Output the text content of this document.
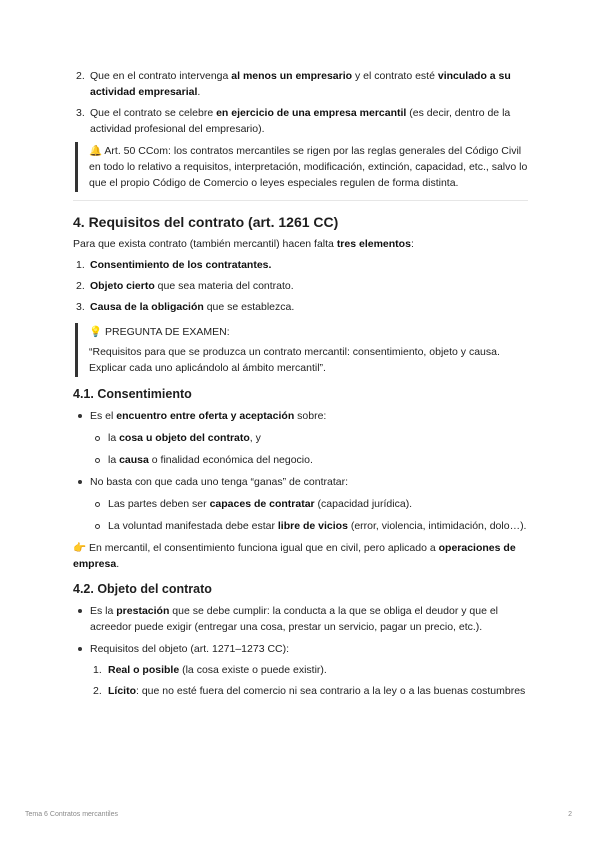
2. Que en el contrato intervenga al menos un empresario y el contrato esté vinculado a su actividad empresarial.
3. Que el contrato se celebre en ejercicio de una empresa mercantil (es decir, dentro de la actividad profesional del empresario).
🔔 Art. 50 CCom: los contratos mercantiles se rigen por las reglas generales del Código Civil en todo lo relativo a requisitos, interpretación, modificación, extinción, capacidad, etc., salvo lo que el propio Código de Comercio o leyes especiales regulen de forma distinta.
4. Requisitos del contrato (art. 1261 CC)

Para que exista contrato (también mercantil) hacen falta tres elementos:

1. Consentimiento de los contratantes.
2. Objeto cierto que sea materia del contrato.
3. Causa de la obligación que se establezca.
💡 PREGUNTA DE EXAMEN:
“Requisitos para que se produzca un contrato mercantil: consentimiento, objeto y causa. Explicar cada uno aplicándolo al ámbito mercantil”.
4.1. Consentimiento
Es el encuentro entre oferta y aceptación sobre:
la cosa u objeto del contrato, y
la causa o finalidad económica del negocio.
No basta con que cada uno tenga “ganas” de contratar:
Las partes deben ser capaces de contratar (capacidad jurídica).
La voluntad manifestada debe estar libre de vicios (error, violencia, intimidación, dolo…).

👉 En mercantil, el consentimiento funciona igual que en civil, pero aplicado a operaciones de empresa.

4.2. Objeto del contrato
Es la prestación que se debe cumplir: la conducta a la que se obliga el deudor y que el acreedor puede exigir (entregar una cosa, prestar un servicio, pagar un precio, etc.).
Requisitos del objeto (art. 1271–1273 CC):
1. Real o posible (la cosa existe o puede existir).
2. Lícito: que no esté fuera del comercio ni sea contrario a la ley o a las buenas costumbres
Tema 6 Contratos mercantiles	2
